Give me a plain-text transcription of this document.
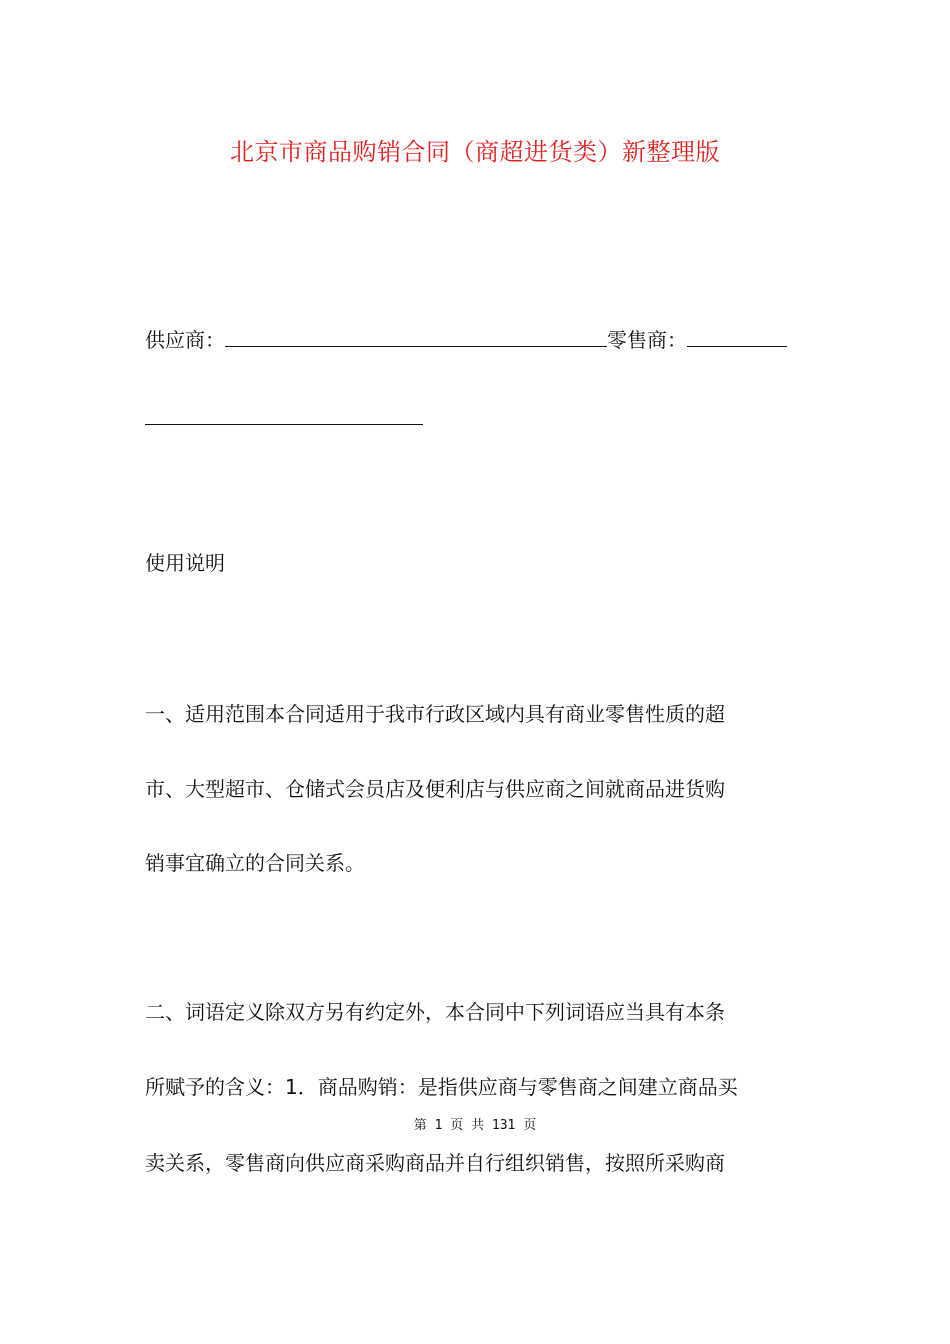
北京市商品购销合同（商超进货类）新整理版
供应商：	零售商：
使用说明
一、适用范围本合同适用于我市行政区域内具有商业零售性质的超
市、大型超市、仓储式会员店及便利店与供应商之间就商品进货购
销事宜确立的合同关系。
二、词语定义除双方另有约定外，本合同中下列词语应当具有本条
所赋予的含义：1．商品购销：是指供应商与零售商之间建立商品买
第 1 页 共 131 页
卖关系，零售商向供应商采购商品并自行组织销售，按照所采购商
